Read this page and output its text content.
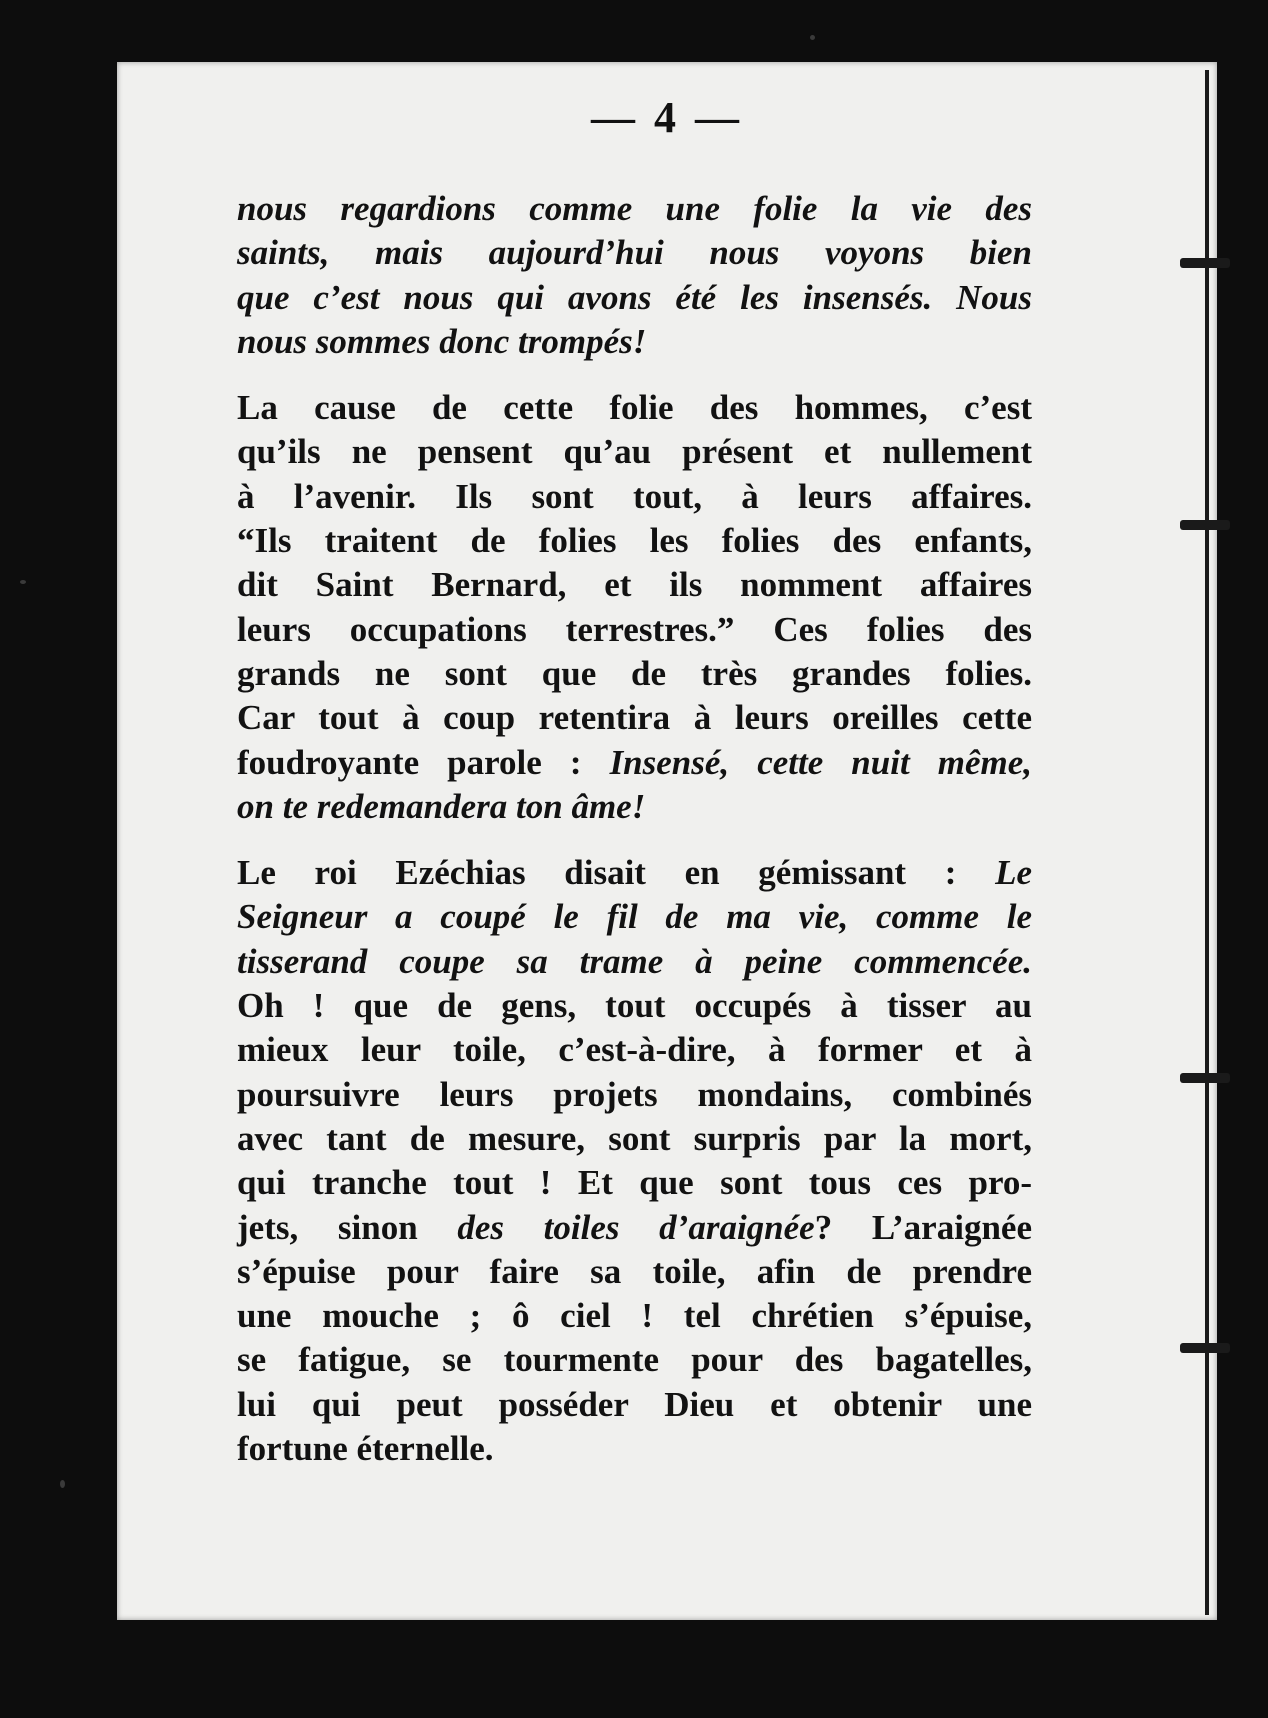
— 4 —
nous regardions comme une folie la vie des
saints, mais aujourd’hui nous voyons bien
que c’est nous qui avons été les insensés. Nous
nous sommes donc trompés!
La cause de cette folie des hommes, c’est
qu’ils ne pensent qu’au présent et nullement
à l’avenir. Ils sont tout, à leurs affaires.
“Ils traitent de folies les folies des enfants,
dit Saint Bernard, et ils nomment affaires
leurs occupations terrestres.” Ces folies des
grands ne sont que de très grandes folies.
Car tout à coup retentira à leurs oreilles cette
foudroyante parole : Insensé, cette nuit même,
on te redemandera ton âme!
Le roi Ezéchias disait en gémissant : Le
Seigneur a coupé le fil de ma vie, comme le
tisserand coupe sa trame à peine commencée.
Oh ! que de gens, tout occupés à tisser au
mieux leur toile, c’est-à-dire, à former et à
poursuivre leurs projets mondains, combinés
avec tant de mesure, sont surpris par la mort,
qui tranche tout ! Et que sont tous ces pro-
jets, sinon des toiles d’araignée? L’araignée
s’épuise pour faire sa toile, afin de prendre
une mouche ; ô ciel ! tel chrétien s’épuise,
se fatigue, se tourmente pour des bagatelles,
lui qui peut posséder Dieu et obtenir une
fortune éternelle.
